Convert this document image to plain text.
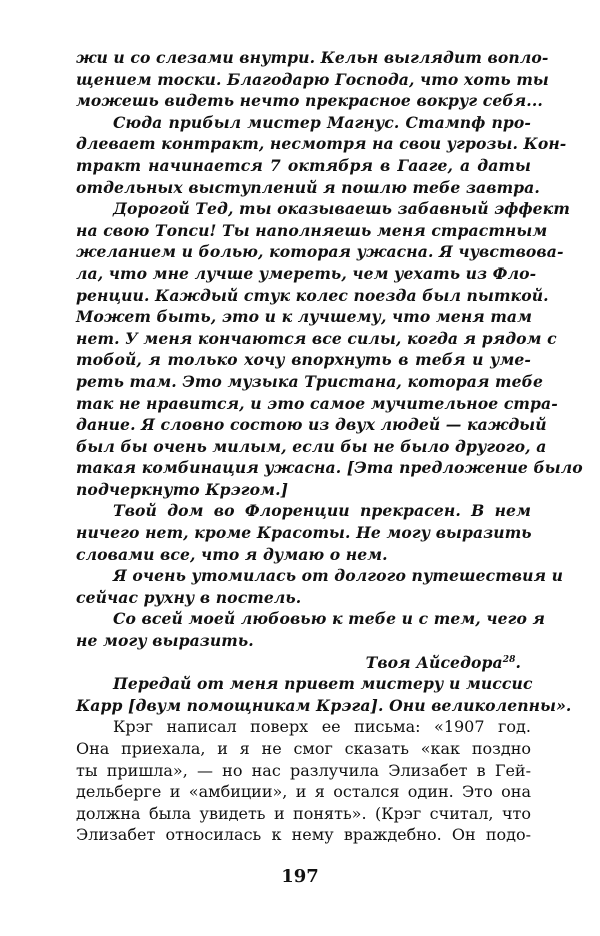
жи и со слезами внутри. Кельн выглядит вопло-
щением тоски. Благодарю Господа, что хоть ты
можешь видеть нечто прекрасное вокруг себя...
Сюда прибыл мистер Магнус. Стампф про-
длевает контракт, несмотря на свои угрозы. Кон-
тракт начинается 7 октября в Гааге, а даты
отдельных выступлений я пошлю тебе завтра.
Дорогой Тед, ты оказываешь забавный эффект
на свою Топси! Ты наполняешь меня страстным
желанием и болью, которая ужасна. Я чувствова-
ла, что мне лучше умереть, чем уехать из Фло-
ренции. Каждый стук колес поезда был пыткой.
Может быть, это и к лучшему, что меня там
нет. У меня кончаются все силы, когда я рядом с
тобой, я только хочу впорхнуть в тебя и уме-
реть там. Это музыка Тристана, которая тебе
так не нравится, и это самое мучительное стра-
дание. Я словно состою из двух людей — каждый
был бы очень милым, если бы не было другого, а
такая комбинация ужасна. [Эта предложение было
подчеркнуто Крэгом.]
Твой дом во Флоренции прекрасен. В нем
ничего нет, кроме Красоты. Не могу выразить
словами все, что я думаю о нем.
Я очень утомилась от долгого путешествия и
сейчас рухну в постель.
Со всей моей любовью к тебе и с тем, чего я
не могу выразить.
Твоя Айседора$^{28}$.
Передай от меня привет мистеру и миссис
Карр [двум помощникам Крэга]. Они великолепны».
Крэг написал поверх ее письма: «1907 год.
Она приехала, и я не смог сказать «как поздно
ты пришла», — но нас разлучила Элизабет в Гей-
дельберге и «амбиции», и я остался один. Это она
должна была увидеть и понять». (Крэг считал, что
Элизабет относилась к нему враждебно. Он подо-
197
